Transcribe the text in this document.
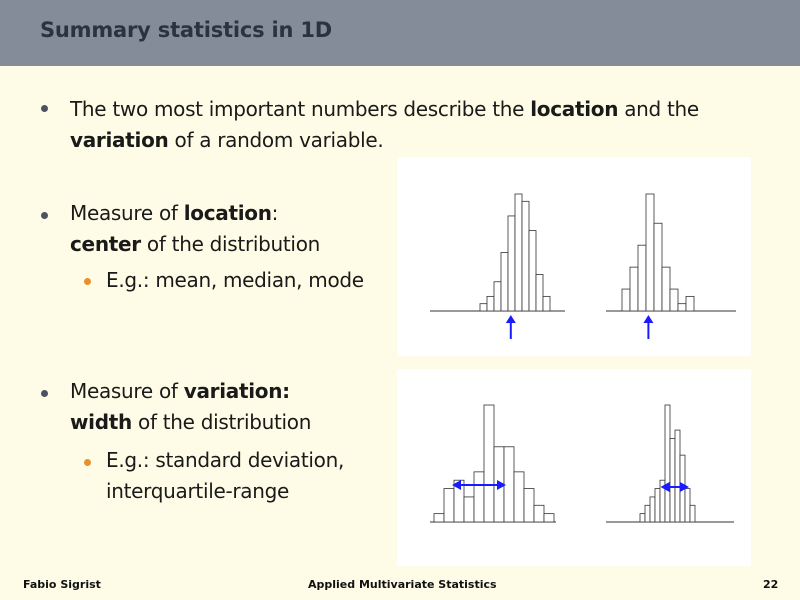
Summary statistics in 1D
The two most important numbers describe the location and the
variation of a random variable.
Measure of location:
center of the distribution
E.g.: mean, median, mode
Measure of variation:
width of the distribution
E.g.: standard deviation,
interquartile-range
Fabio Sigrist	Applied Multivariate Statistics	22
